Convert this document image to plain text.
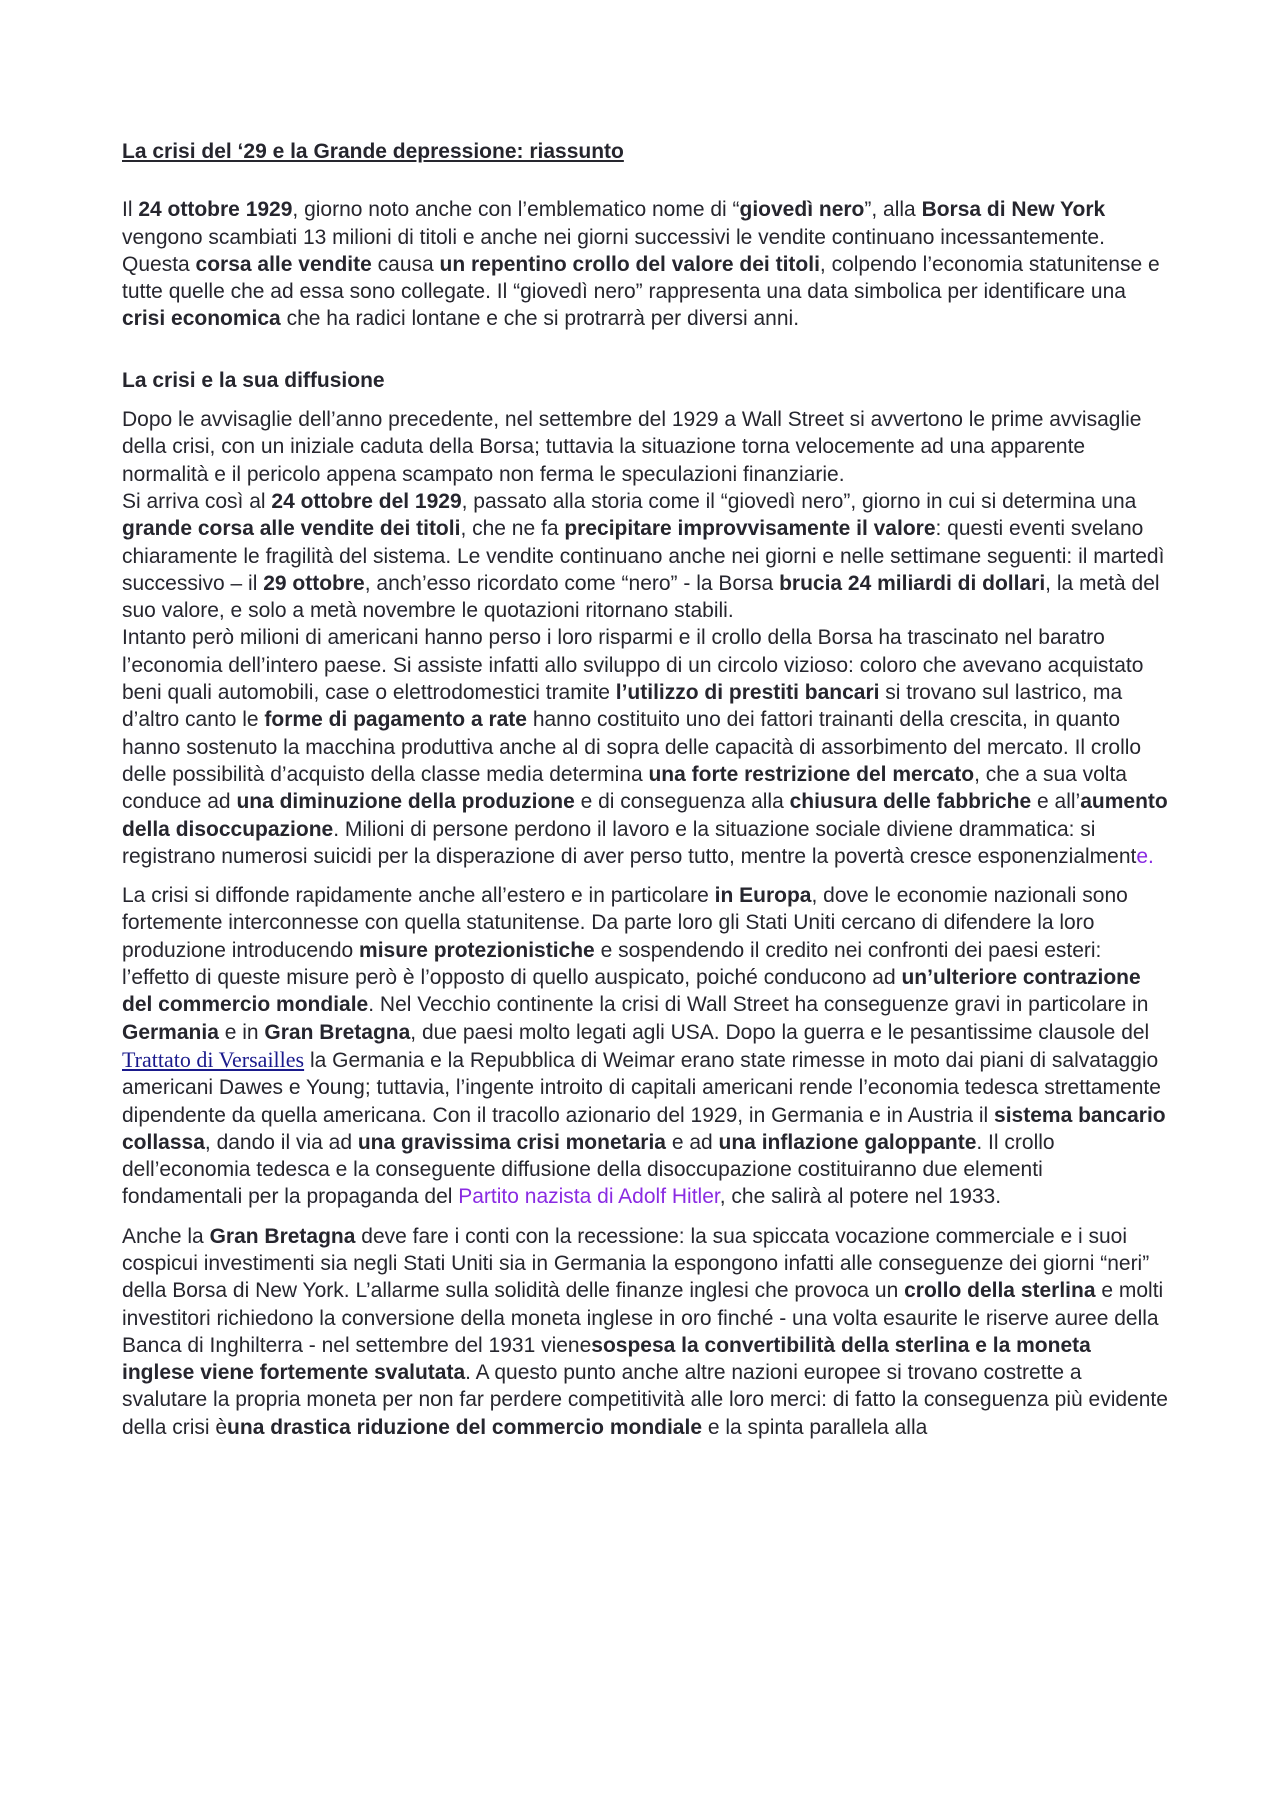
La crisi del ‘29 e la Grande depressione: riassunto

Il 24 ottobre 1929, giorno noto anche con l’emblematico nome di “giovedì nero”, alla Borsa di New York vengono scambiati 13 milioni di titoli e anche nei giorni successivi le vendite continuano incessantemente. Questa corsa alle vendite causa un repentino crollo del valore dei titoli, colpendo l’economia statunitense e tutte quelle che ad essa sono collegate. Il “giovedì nero” rappresenta una data simbolica per identificare una crisi economica che ha radici lontane e che si protrarrà per diversi anni.

La crisi e la sua diffusione

Dopo le avvisaglie dell’anno precedente, nel settembre del 1929 a Wall Street si avvertono le prime avvisaglie della crisi, con un iniziale caduta della Borsa; tuttavia la situazione torna velocemente ad una apparente normalità e il pericolo appena scampato non ferma le speculazioni finanziarie.

Si arriva così al 24 ottobre del 1929, passato alla storia come il “giovedì nero”, giorno in cui si determina una grande corsa alle vendite dei titoli, che ne fa precipitare improvvisamente il valore: questi eventi svelano chiaramente le fragilità del sistema. Le vendite continuano anche nei giorni e nelle settimane seguenti: il martedì successivo – il 29 ottobre, anch’esso ricordato come “nero” - la Borsa brucia 24 miliardi di dollari, la metà del suo valore, e solo a metà novembre le quotazioni ritornano stabili.

Intanto però milioni di americani hanno perso i loro risparmi e il crollo della Borsa ha trascinato nel baratro l’economia dell’intero paese. Si assiste infatti allo sviluppo di un circolo vizioso: coloro che avevano acquistato beni quali automobili, case o elettrodomestici tramite l’utilizzo di prestiti bancari si trovano sul lastrico, ma d’altro canto le forme di pagamento a rate hanno costituito uno dei fattori trainanti della crescita, in quanto hanno sostenuto la macchina produttiva anche al di sopra delle capacità di assorbimento del mercato. Il crollo delle possibilità d’acquisto della classe media determina una forte restrizione del mercato, che a sua volta conduce ad una diminuzione della produzione e di conseguenza alla chiusura delle fabbriche e all’aumento della disoccupazione. Milioni di persone perdono il lavoro e la situazione sociale diviene drammatica: si registrano numerosi suicidi per la disperazione di aver perso tutto, mentre la povertà cresce esponenzialmente.

La crisi si diffonde rapidamente anche all’estero e in particolare in Europa, dove le economie nazionali sono fortemente interconnesse con quella statunitense. Da parte loro gli Stati Uniti cercano di difendere la loro produzione introducendo misure protezionistiche e sospendendo il credito nei confronti dei paesi esteri: l’effetto di queste misure però è l’opposto di quello auspicato, poiché conducono ad un’ulteriore contrazione del commercio mondiale. Nel Vecchio continente la crisi di Wall Street ha conseguenze gravi in particolare in Germania e in Gran Bretagna, due paesi molto legati agli USA. Dopo la guerra e le pesantissime clausole del Trattato di Versailles la Germania e la Repubblica di Weimar erano state rimesse in moto dai piani di salvataggio americani Dawes e Young; tuttavia, l’ingente introito di capitali americani rende l’economia tedesca strettamente dipendente da quella americana. Con il tracollo azionario del 1929, in Germania e in Austria il sistema bancario collassa, dando il via ad una gravissima crisi monetaria e ad una inflazione galoppante. Il crollo dell’economia tedesca e la conseguente diffusione della disoccupazione costituiranno due elementi fondamentali per la propaganda del Partito nazista di Adolf Hitler, che salirà al potere nel 1933.

Anche la Gran Bretagna deve fare i conti con la recessione: la sua spiccata vocazione commerciale e i suoi cospicui investimenti sia negli Stati Uniti sia in Germania la espongono infatti alle conseguenze dei giorni “neri” della Borsa di New York. L’allarme sulla solidità delle finanze inglesi che provoca un crollo della sterlina e molti investitori richiedono la conversione della moneta inglese in oro finché - una volta esaurite le riserve auree della Banca di Inghilterra - nel settembre del 1931 vienesospesa la convertibilità della sterlina e la moneta inglese viene fortemente svalutata. A questo punto anche altre nazioni europee si trovano costrette a svalutare la propria moneta per non far perdere competitività alle loro merci: di fatto la conseguenza più evidente della crisi èuna drastica riduzione del commercio mondiale e la spinta parallela alla
